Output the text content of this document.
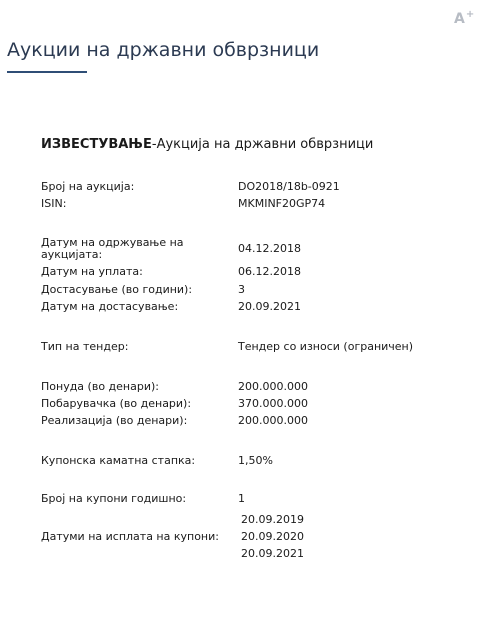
A+
Аукции на државни обврзници
ИЗВЕСТУВАЊЕ-Аукција на државни обврзници
Број на аукција:	DO2018/18b-0921
ISIN:	MKMINF20GP74
Датум на одржување на аукцијата:	04.12.2018
Датум на уплата:	06.12.2018
Достасување (во години):	3
Датум на достасување:	20.09.2021
Тип на тендер:	Тендер со износи (ограничен)
Понуда (во денари):	200.000.000
Побарувачка (во денари):	370.000.000
Реализација (во денари):	200.000.000
Купонска каматна стапка:	1,50%
Број на купони годишно:	1
20.09.2019
Датуми на исплата на купони: 20.09.2020
20.09.2021
